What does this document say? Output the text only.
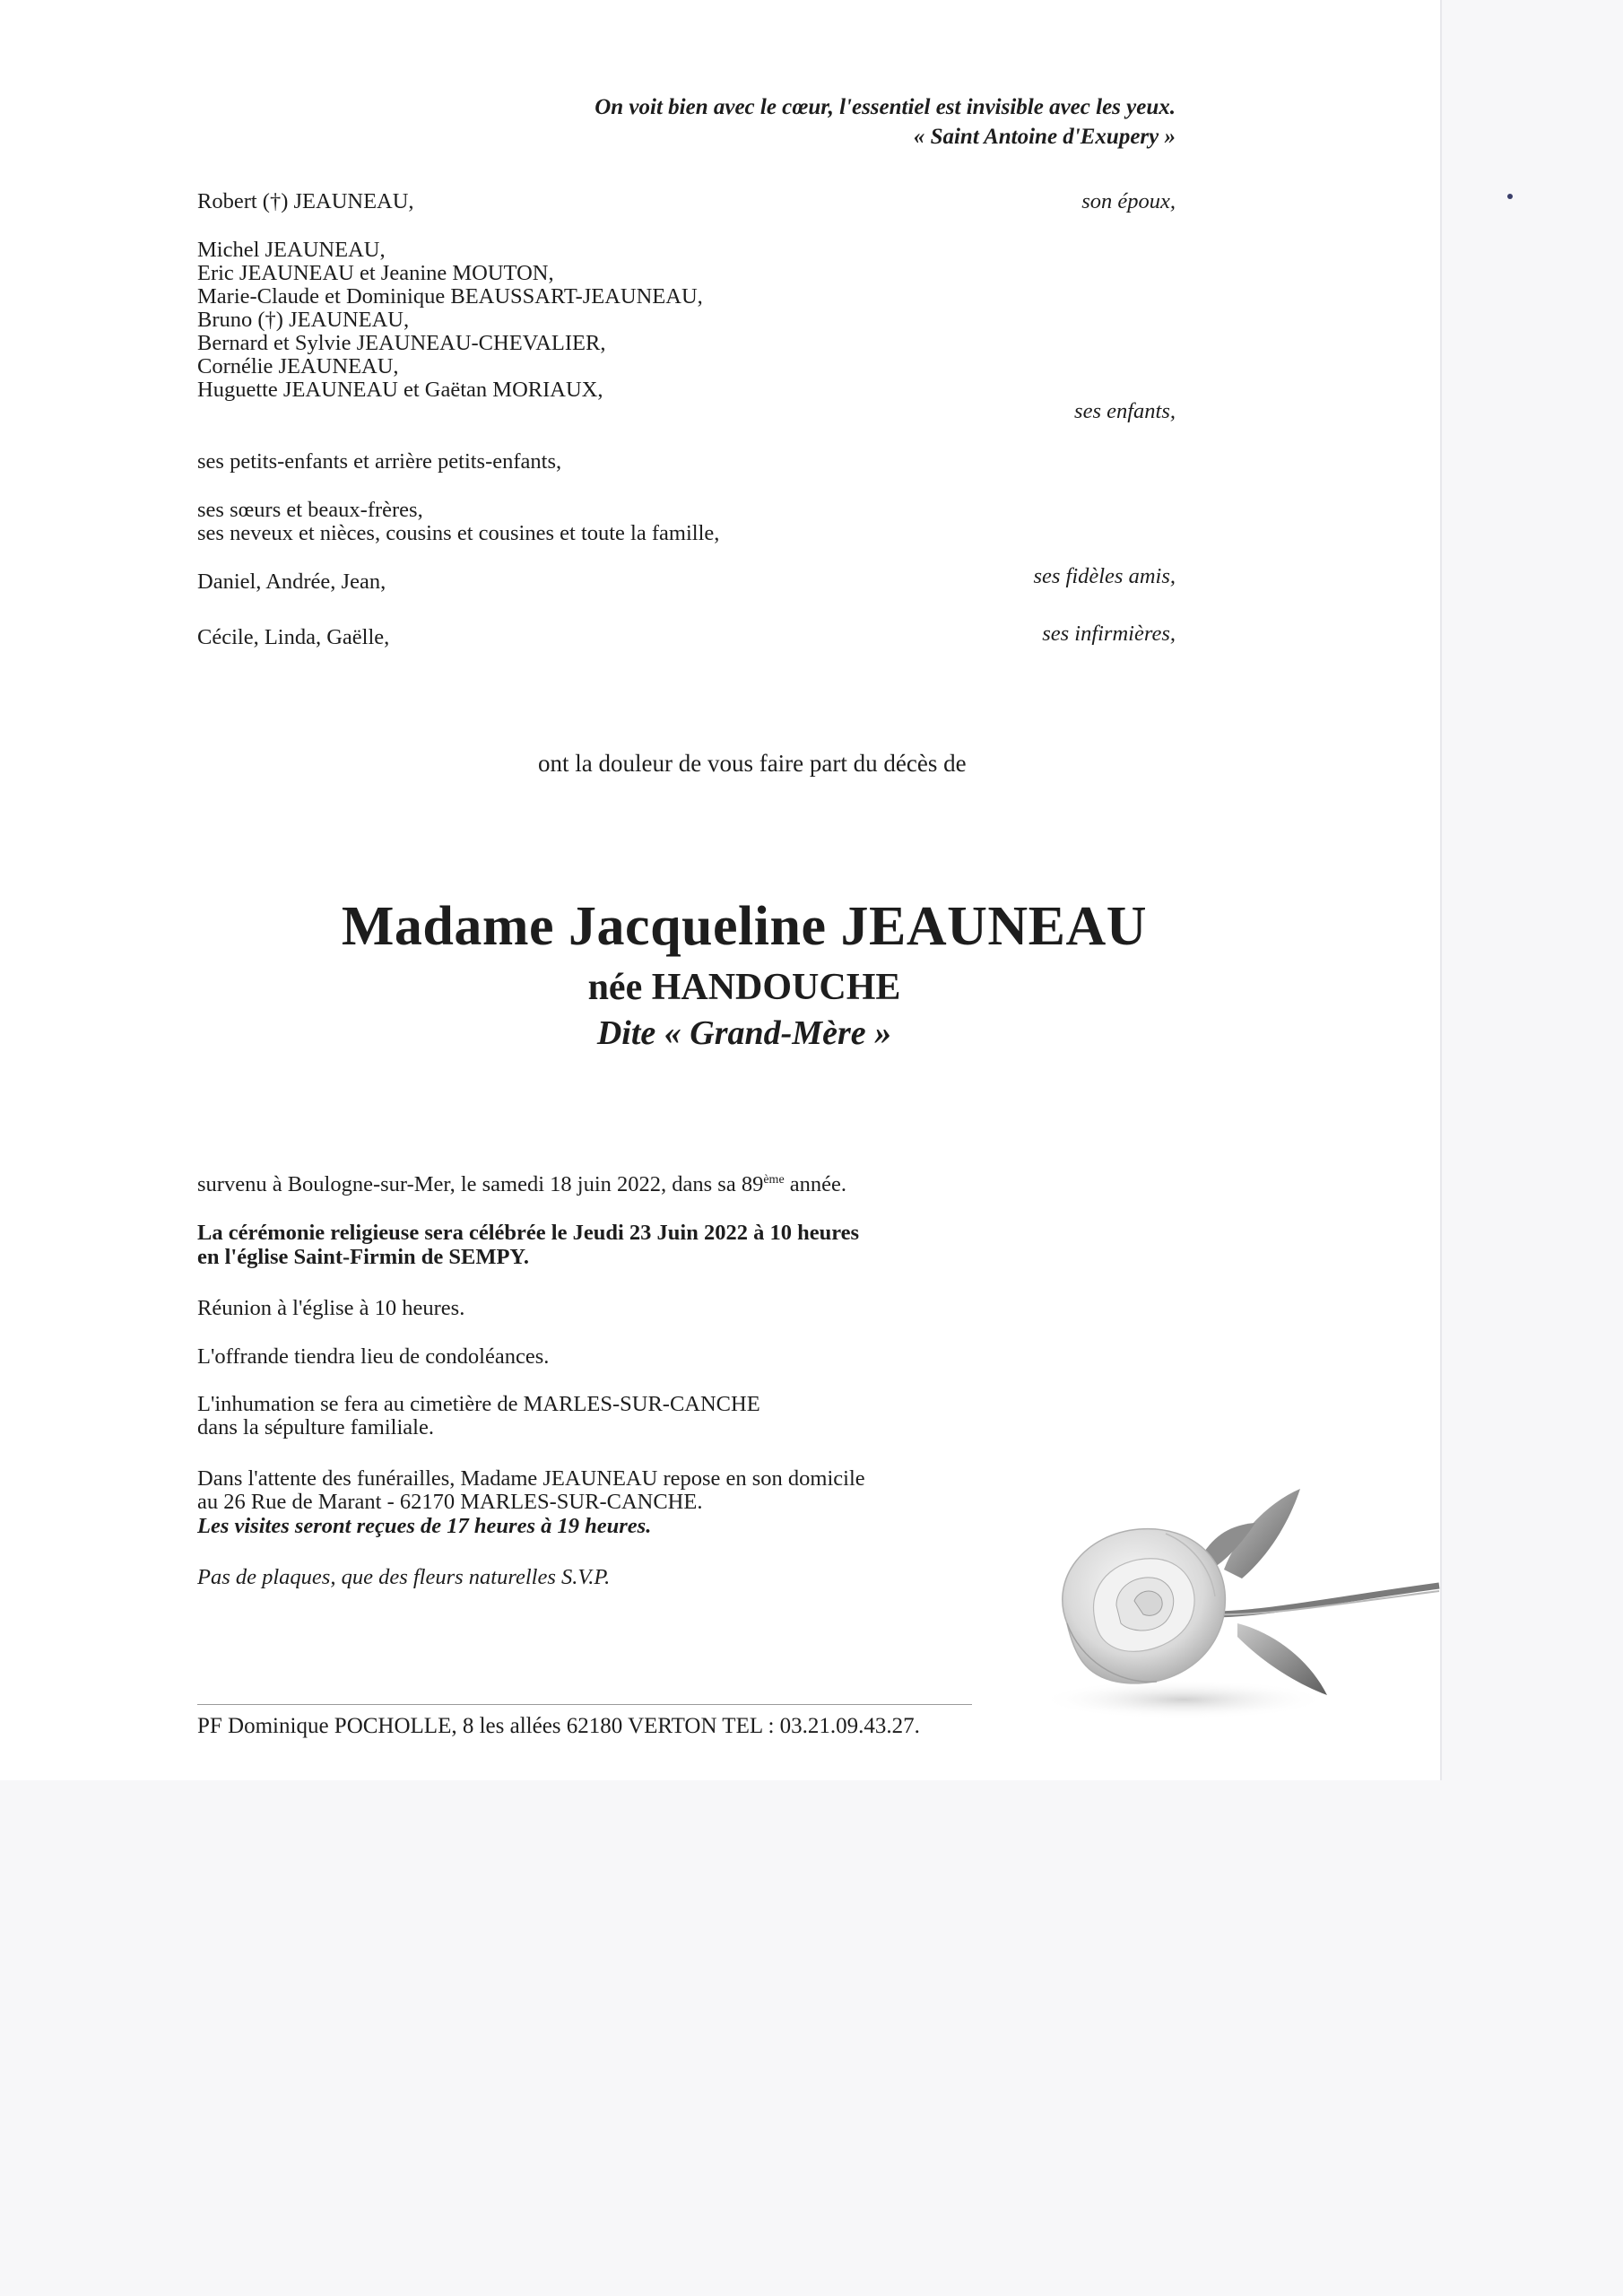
On voit bien avec le cœur, l'essentiel est invisible avec les yeux.
« Saint Antoine d'Exupery »
Robert (†) JEAUNEAU,	son époux,
Michel JEAUNEAU,
Eric JEAUNEAU et Jeanine MOUTON,
Marie-Claude et Dominique BEAUSSART-JEAUNEAU,
Bruno (†) JEAUNEAU,
Bernard et Sylvie JEAUNEAU-CHEVALIER,
Cornélie JEAUNEAU,
Huguette JEAUNEAU et Gaëtan MORIAUX,
ses enfants,
ses petits-enfants et arrière petits-enfants,
ses sœurs et beaux-frères,
ses neveux et nièces, cousins et cousines et toute la famille,
Daniel, Andrée, Jean,	ses fidèles amis,
Cécile, Linda, Gaëlle,	ses infirmières,
ont la douleur de vous faire part du décès de
Madame Jacqueline JEAUNEAU
née HANDOUCHE
Dite « Grand-Mère »
survenu à Boulogne-sur-Mer, le samedi 18 juin 2022, dans sa 89ème année.
La cérémonie religieuse sera célébrée le Jeudi 23 Juin 2022 à 10 heures
en l'église Saint-Firmin de SEMPY.
Réunion à l'église à 10 heures.
L'offrande tiendra lieu de condoléances.
L'inhumation se fera au cimetière de MARLES-SUR-CANCHE
dans la sépulture familiale.
Dans l'attente des funérailles, Madame JEAUNEAU repose en son domicile
au 26 Rue de Marant - 62170 MARLES-SUR-CANCHE.
Les visites seront reçues de 17 heures à 19 heures.
Pas de plaques, que des fleurs naturelles S.V.P.
PF Dominique POCHOLLE, 8 les allées 62180 VERTON TEL : 03.21.09.43.27.
